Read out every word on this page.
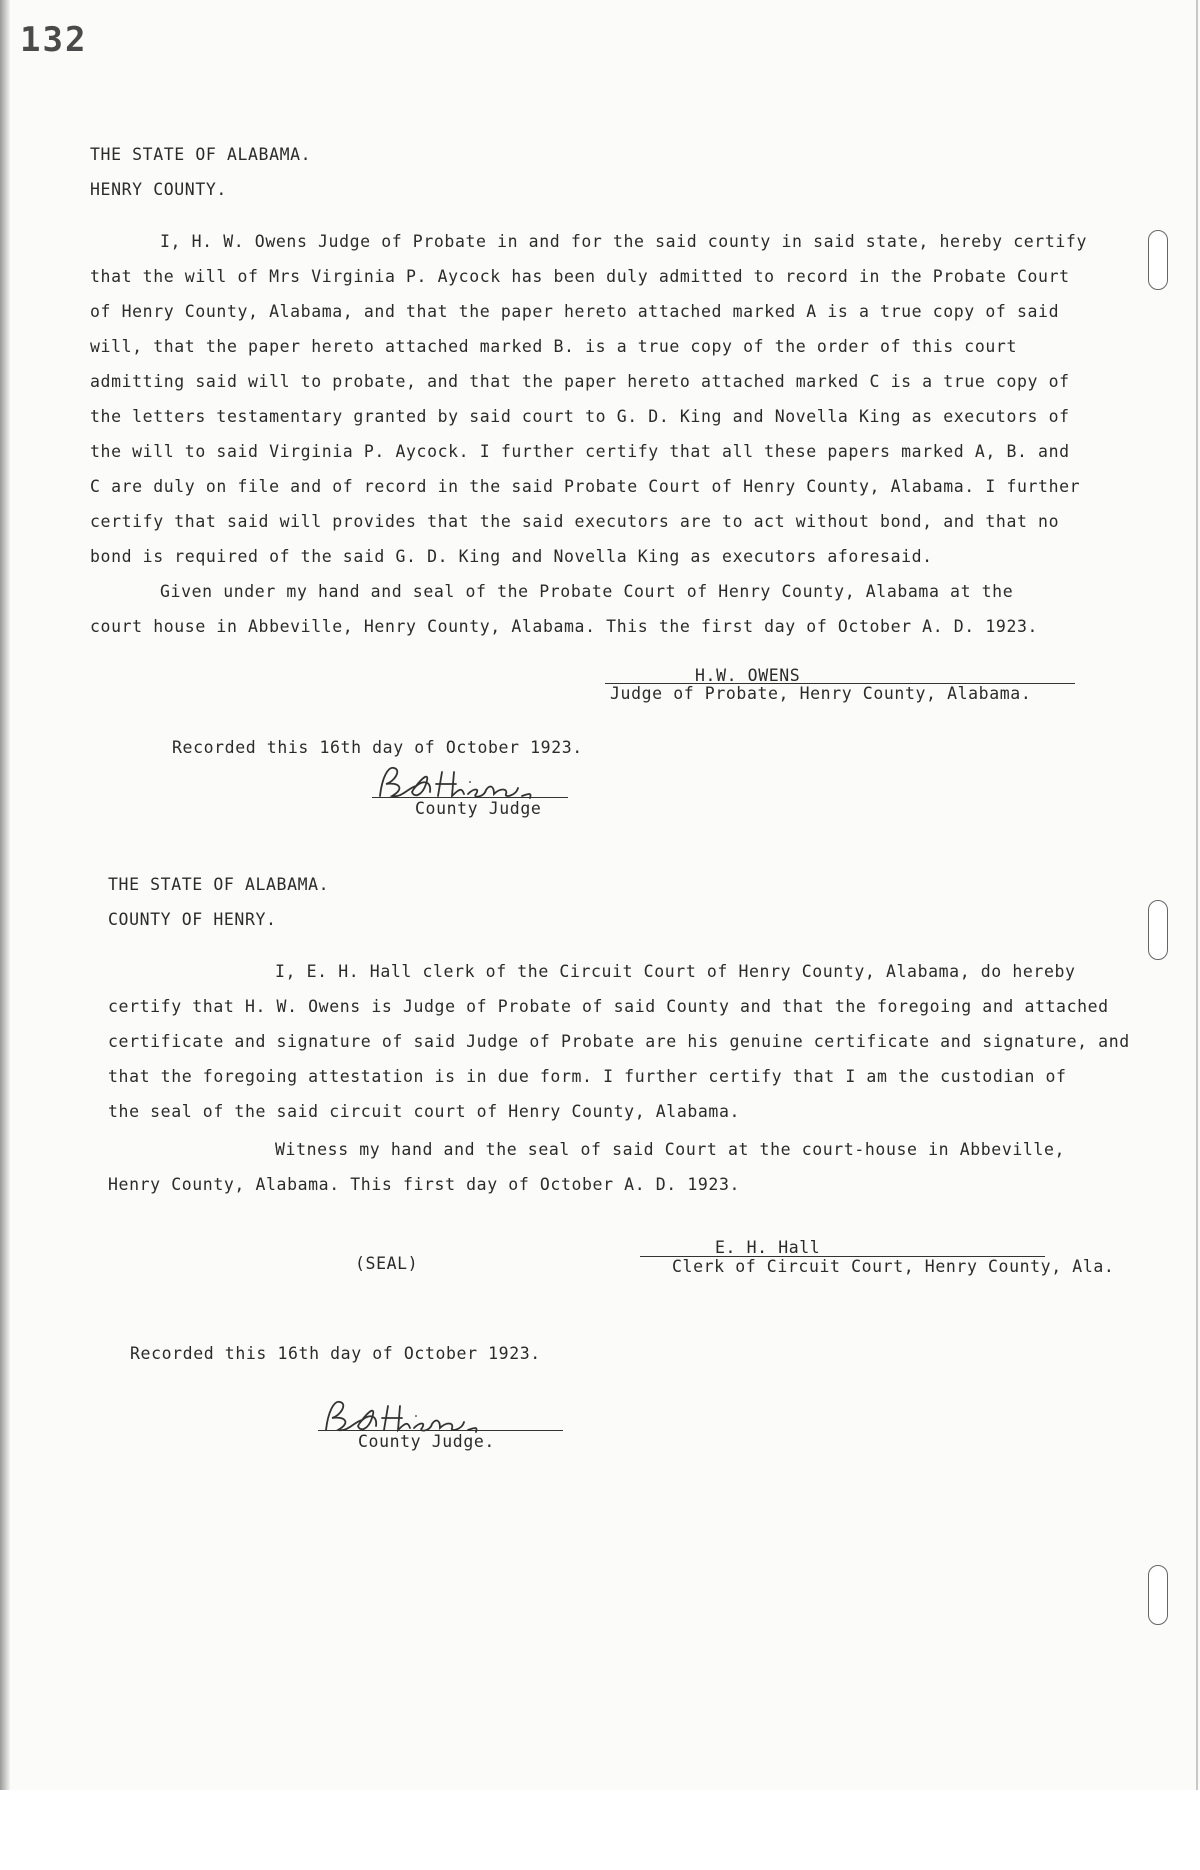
132
THE STATE OF ALABAMA.
HENRY COUNTY.
I, H. W. Owens Judge of Probate in and for the said county in said state, hereby certify
that the will of Mrs Virginia P. Aycock has been duly admitted to record in the Probate Court
of Henry County, Alabama, and that the paper hereto attached marked A is a true copy of said
will, that the paper hereto attached marked B. is a true copy of the order of this court
admitting said will to probate, and that the paper hereto attached marked C is a true copy of
the letters testamentary granted by said court to G. D. King and Novella King as executors of
the will to said Virginia P. Aycock. I further certify that all these papers marked A, B. and
C are duly on file and of record in the said Probate Court of Henry County, Alabama. I further
certify that said will provides that the said executors are to act without bond, and that no
bond is required of the said G. D. King and Novella King as executors aforesaid.
Given under my hand and seal of the Probate Court of Henry County, Alabama at the
court house in Abbeville, Henry County, Alabama. This the first day of October A. D. 1923.
H.W. OWENS
Judge of Probate, Henry County, Alabama.
Recorded this 16th day of October 1923.
County Judge
THE STATE OF ALABAMA.
COUNTY OF HENRY.
I, E. H. Hall clerk of the Circuit Court of Henry County, Alabama, do hereby
certify that H. W. Owens is Judge of Probate of said County and that the foregoing and attached
certificate and signature of said Judge of Probate are his genuine certificate and signature, and
that the foregoing attestation is in due form. I further certify that I am the custodian of
the seal of the said circuit court of Henry County, Alabama.
Witness my hand and the seal of said Court at the court-house in Abbeville,
Henry County, Alabama. This first day of October A. D. 1923.
(SEAL)
E. H. Hall
Clerk of Circuit Court, Henry County, Ala.
Recorded this 16th day of October 1923.
County Judge.
